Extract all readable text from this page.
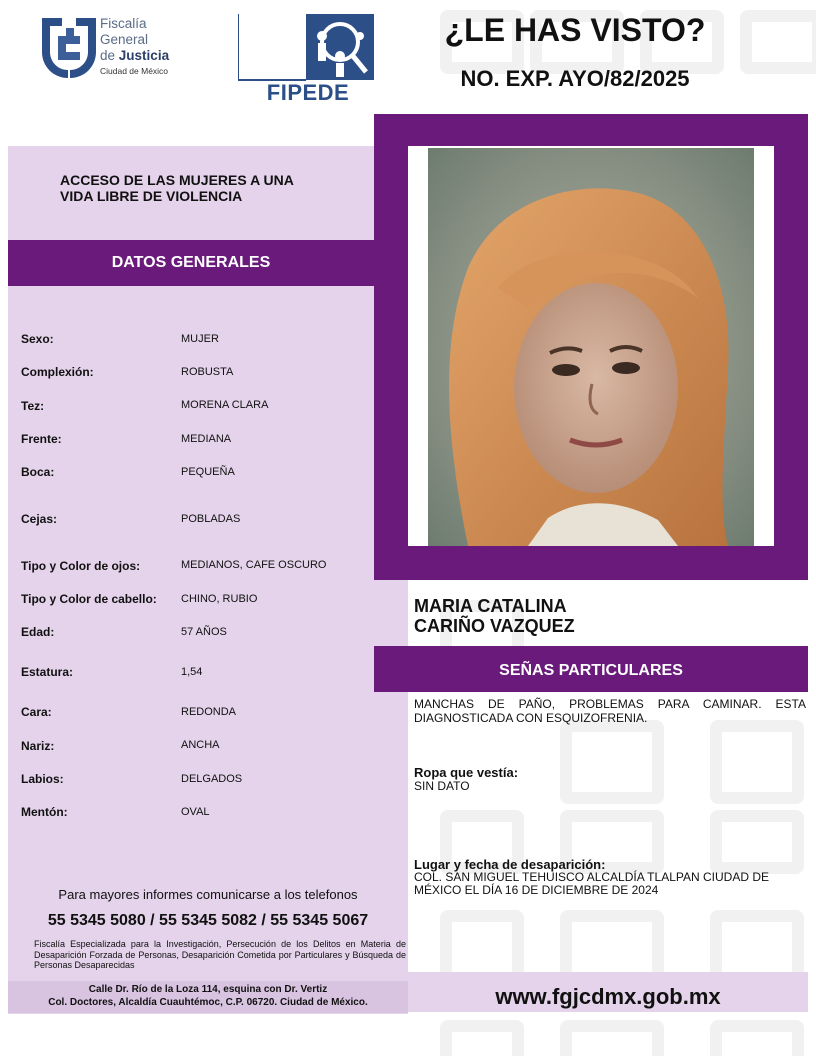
Fiscalía
General
de Justicia
Ciudad de México
FIPEDE
¿LE HAS VISTO?
NO. EXP. AYO/82/2025
ACCESO DE LAS MUJERES A UNA VIDA LIBRE DE VIOLENCIA
DATOS GENERALES
Sexo:	MUJER
Complexión:	ROBUSTA
Tez:	MORENA CLARA
Frente:	MEDIANA
Boca:	PEQUEÑA
Cejas:	POBLADAS
Tipo y Color de ojos:	MEDIANOS, CAFE OSCURO
Tipo y Color de cabello: CHINO, RUBIO
Edad:	57 AÑOS
Estatura:	1,54
Cara:	REDONDA
Nariz:	ANCHA
Labios:	DELGADOS
Mentón:	OVAL
Para mayores informes comunicarse a los telefonos
55 5345 5080 / 55 5345 5082 / 55 5345 5067
Fiscalía Especializada para la Investigación, Persecución de los Delitos en Materia de Desaparición Forzada de Personas, Desaparición Cometida por Particulares y Búsqueda de Personas Desaparecidas
Calle Dr. Río de la Loza 114, esquina con Dr. Vertiz
Col. Doctores, Alcaldía Cuauhtémoc, C.P. 06720. Ciudad de México.
MARIA CATALINA
CARIÑO VAZQUEZ
SEÑAS PARTICULARES
MANCHAS DE PAÑO, PROBLEMAS PARA CAMINAR. ESTA DIAGNOSTICADA CON ESQUIZOFRENIA.
Ropa que vestía:
SIN DATO
Lugar y fecha de desaparición:
COL. SAN MIGUEL TEHUISCO ALCALDÍA TLALPAN CIUDAD DE MÉXICO EL DÍA 16 DE DICIEMBRE DE 2024
www.fgjcdmx.gob.mx
